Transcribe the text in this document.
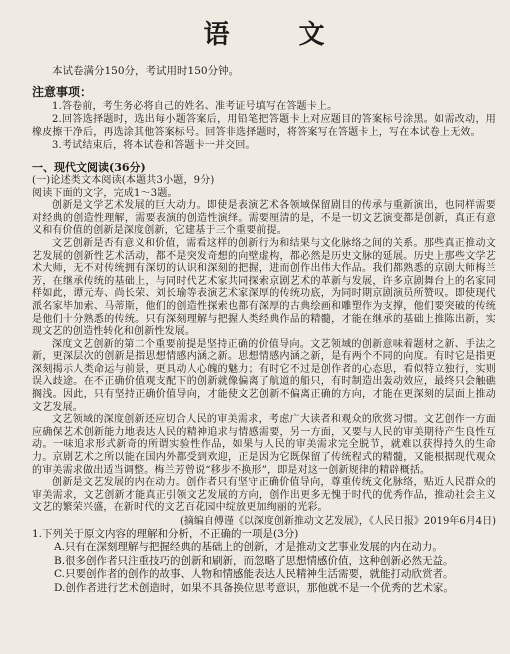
语 文

本试卷满分150分，考试用时150分钟。

注意事项：

1.答卷前，考生务必将自己的姓名、准考证号填写在答题卡上。

2.回答选择题时，选出每小题答案后，用铅笔把答题卡上对应题目的答案标号涂黑。如需改动，用橡皮擦干净后，再选涂其他答案标号。回答非选择题时，将答案写在答题卡上，写在本试卷上无效。

3.考试结束后，将本试卷和答题卡一并交回。

一、现代文阅读(36分)

(一)论述类文本阅读(本题共3小题，9分)

阅读下面的文字，完成1～3题。

创新是文学艺术发展的巨大动力。即使是表演艺术各领域保留剧目的传承与重新演出，也同样需要对经典的创造性理解，需要表演的创造性演绎。需要厘清的是，不是一切文艺演变都是创新，真正有意义和有价值的创新是深度创新，它建基于三个重要前提。

文艺创新是否有意义和价值，需看这样的创新行为和结果与文化脉络之间的关系。那些真正推动文艺发展的创新性艺术活动，都不是突发奇想的向壁虚构，都必然是历史文脉的延展。历史上那些文学艺术大师，无不对传统拥有深切的认识和深刻的把握，进而创作出伟大作品。我们都熟悉的京剧大师梅兰芳，在继承传统的基础上，与同时代艺术家共同探索京剧艺术的革新与发展，许多京剧舞台上的名家同样如此，谭元寿、尚长荣、刘长瑜等表演艺术家深厚的传统功底，为同时期京剧演员所赞叹。即使现代派名家毕加索、马蒂斯，他们的创造性探索也都有深厚的古典绘画和雕塑作为支撑，他们要突破的传统是他们十分熟悉的传统。只有深刻理解与把握人类经典作品的精髓，才能在继承的基础上推陈出新，实现文艺的创造性转化和创新性发展。

深度文艺创新的第二个重要前提是坚持正确的价值导向。文艺领域的创新意味着题材之新、手法之新，更深层次的创新是指思想情感内涵之新。思想情感内涵之新，是有两个不同的向度。有时它是指更深刻揭示人类命运与前景，更具动人心魄的魅力；有时它不过是创作者的心态思，看似特立独行，实则误入歧途。在不正确价值观支配下的创新就像偏离了航道的船只，有时制造出轰动效应，最终只会触礁搁浅。因此，只有坚持正确价值导向，才能使文艺创新不偏离正确的方向，才能在更深刻的层面上推动文艺发展。

文艺领域的深度创新还应切合人民的审美需求，考虑广大读者和观众的欣赏习惯。文艺创作一方面应确保艺术创新能力地表达人民的精神追求与情感需要，另一方面，又要与人民的审美期待产生良性互动。一味追求形式新奇的所谓实验性作品，如果与人民的审美需求完全脱节，就难以获得持久的生命力。京剧艺术之所以能在国内外都受到欢迎，正是因为它既保留了传统程式的精髓，又能根据现代观众的审美需求做出适当调整。梅兰芳曾说“移步不换形”，即是对这一创新规律的精辟概括。

创新是文艺发展的内在动力。创作者只有坚守正确价值导向，尊重传统文化脉络，贴近人民群众的审美需求，文艺创新才能真正引领文艺发展的方向，创作出更多无愧于时代的优秀作品，推动社会主义文艺的繁荣兴盛，在新时代的文艺百花园中绽放更加绚丽的光彩。

(摘编自傅谨《以深度创新推动文艺发展》，《人民日报》2019年6月4日)

1.下列关于原文内容的理解和分析，不正确的一项是(3分)

A.只有在深刻理解与把握经典的基础上的创新，才是推动文艺事业发展的内在动力。

B.很多创作者只注重技巧的创新和刷新，而忽略了思想情感价值，这种创新必然无益。

C.只要创作者的创作的故事、人物和情感能表达人民精神生活需要，就能打动欣赏者。

D.创作者进行艺术创造时，如果不具备换位思考意识，那他就不是一个优秀的艺术家。
